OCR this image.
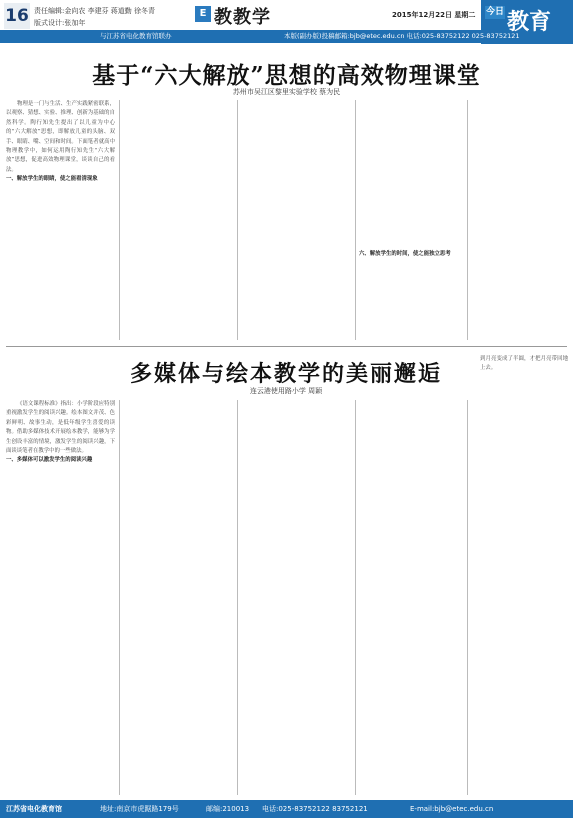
16 责任编辑:金向农 李建芬 蒋道勤 徐冬青
版式设计:张加年
E 教教学	2015年12月22日 星期二 今日 教育
与江苏省电化教育馆联办	本版(副办版)投稿邮箱:bjb@etec.edu.cn 电话:025-83752122 025-83752121
基于“六大解放”思想的高效物理课堂
苏州市吴江区黎里实验学校 蔡为民

物理是一门与生活、生产实践紧密联系，以观察、猜想、实验、推理、创新为基础的自然科学。陶行知先生提出了以儿童为中心的“六大解放”思想，即解放儿童的头脑、双手、眼睛、嘴、空间和时间。下面笔者就高中物理教学中，如何运用陶行知先生“六大解放”思想，促进高效物理课堂，谈谈自己的看法。

一、解放学生的眼睛，使之能看清现象

六、解放学生的时间，使之能独立思考

多媒体与绘本教学的美丽邂逅
连云港使用路小学 周颖
到月亮变成了半圆，才把月亮带回地上去。

《语文课程标准》指出：小学阶段应特别重视激发学生的阅读兴趣。绘本图文并茂、色彩鲜明、故事生动，是低年级学生喜爱的读物。借助多媒体技术开展绘本教学，能够为学生创设丰富的情境，激发学生的阅读兴趣，下面谈谈笔者在教学中的一些做法。

一、多媒体可以激发学生的阅读兴趣

江苏省电化教育馆	地址:南京市虎踞路179号	邮编:210013 电话:025-83752122 83752121	E-mail:bjb@etec.edu.cn
